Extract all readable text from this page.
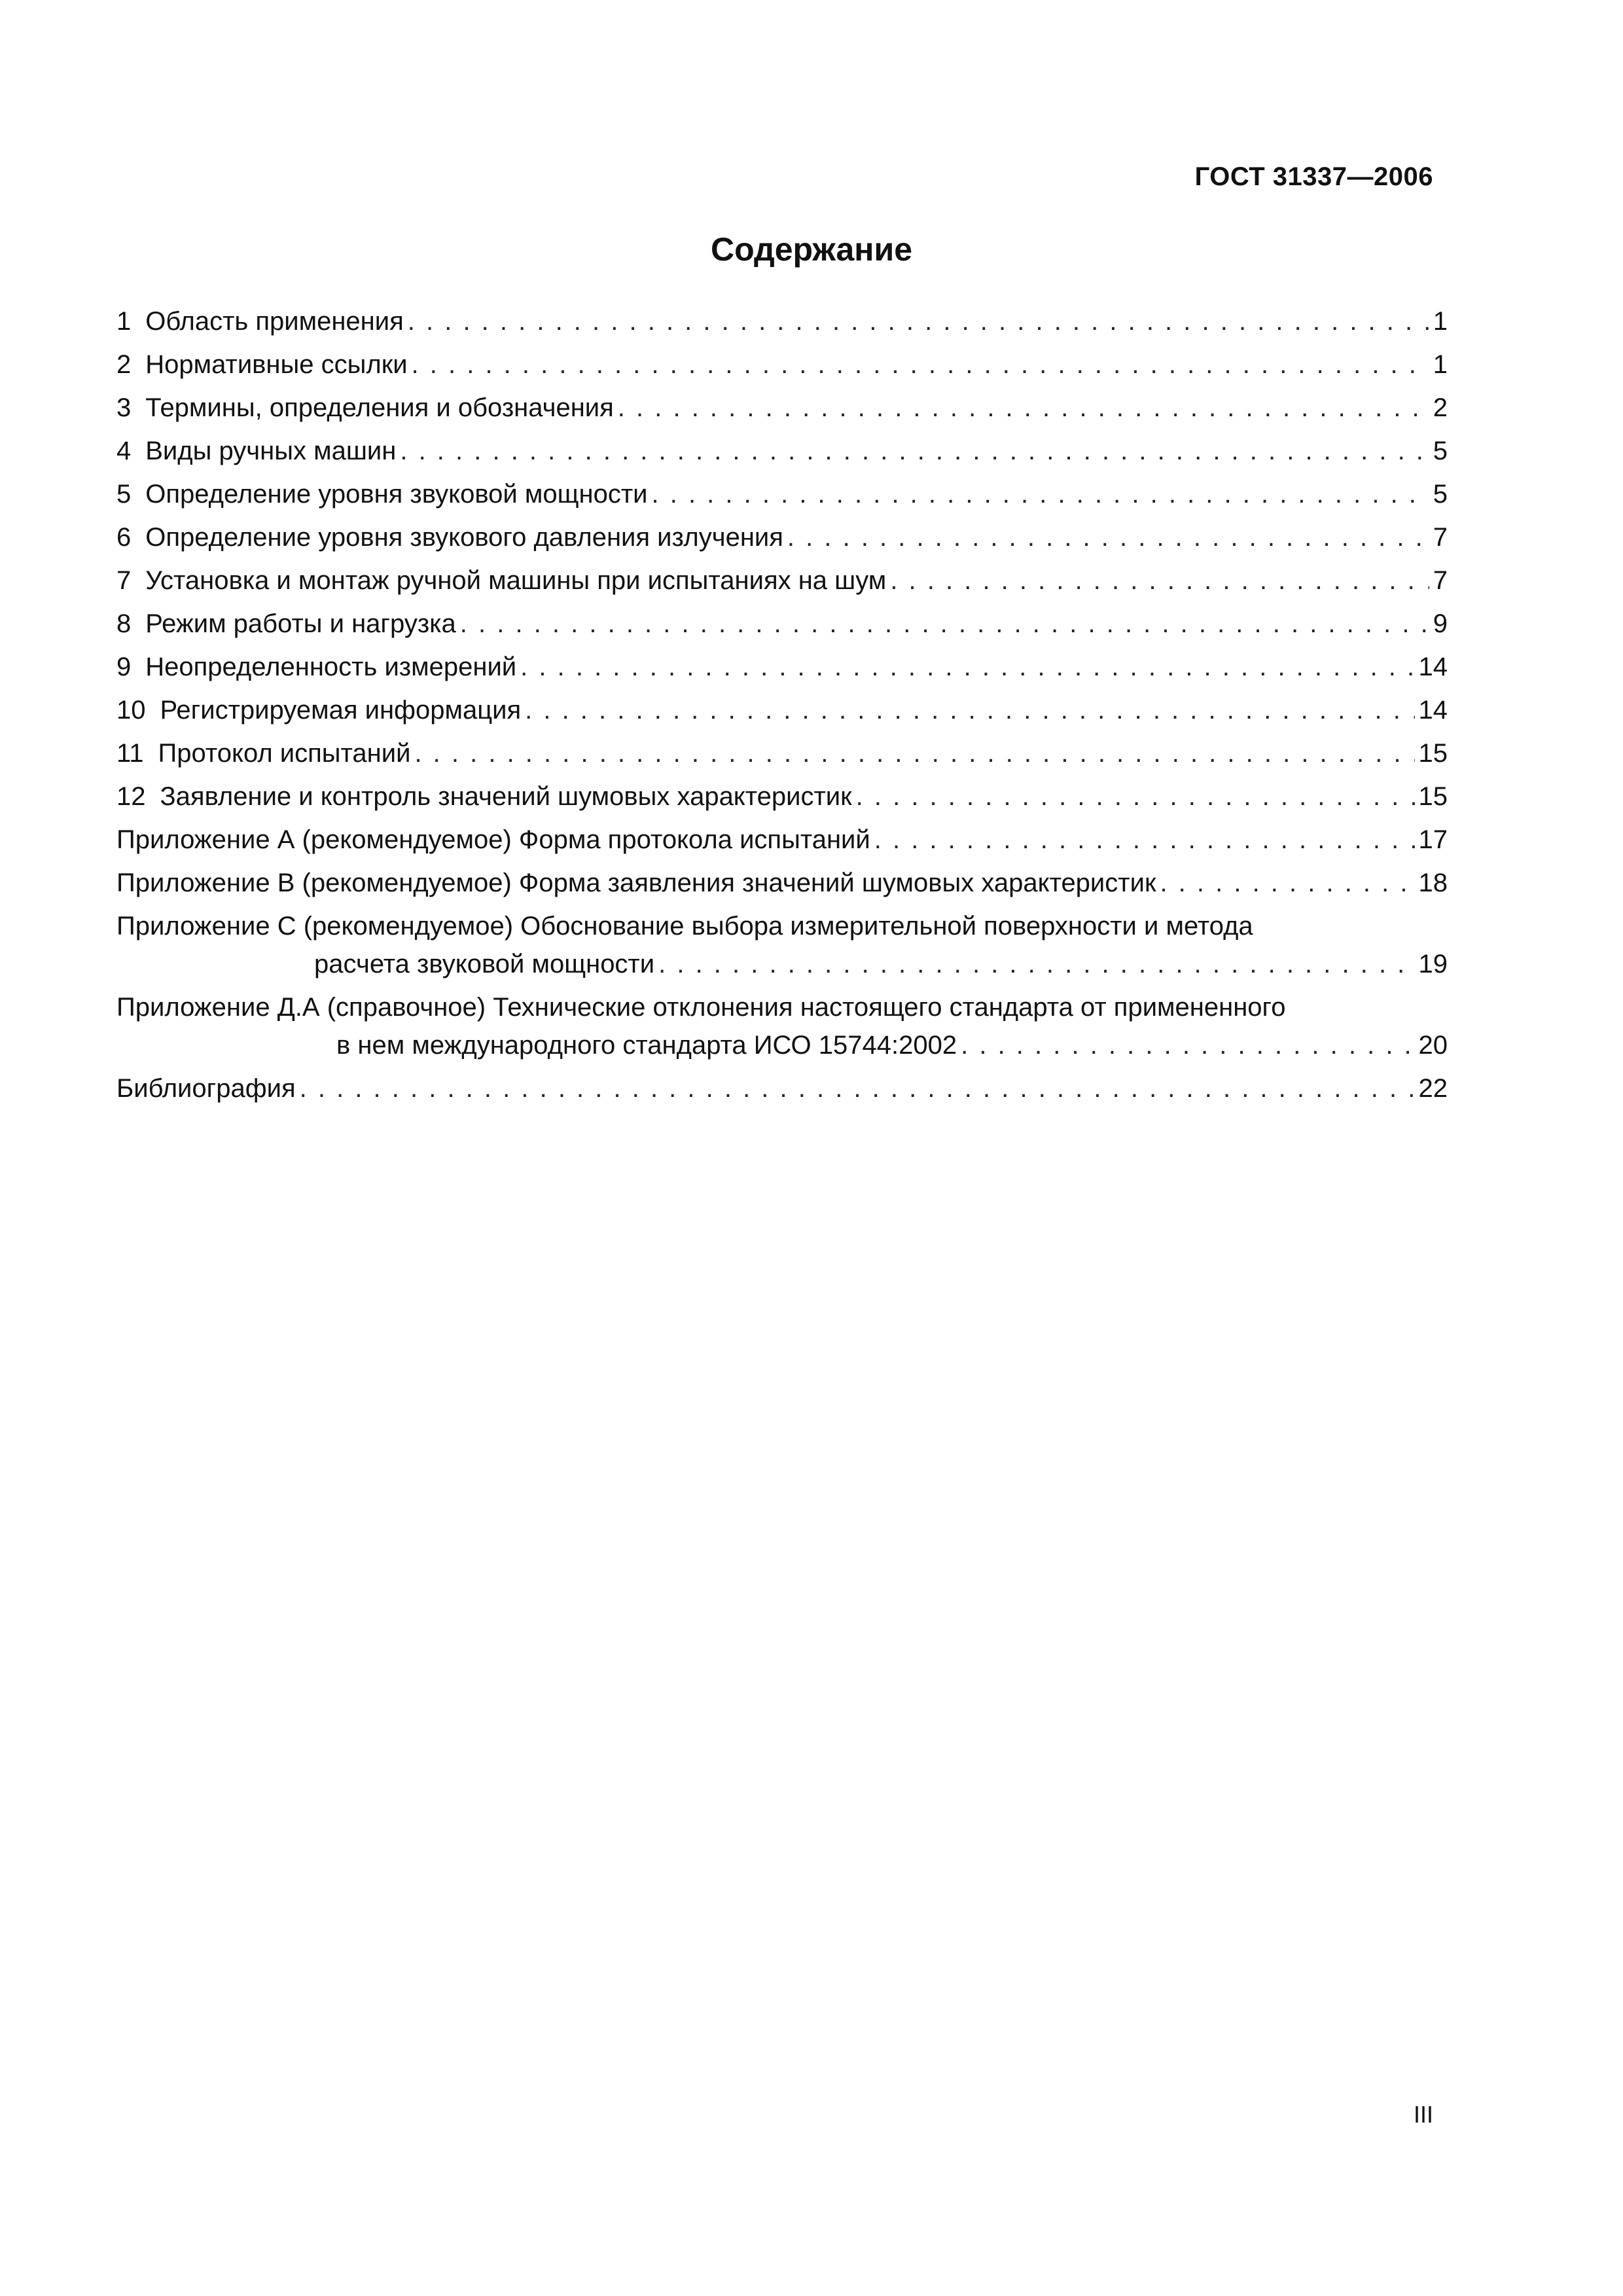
ГОСТ 31337—2006
Содержание
1 Область применения . . .	1
2 Нормативные ссылки . . .	1
3 Термины, определения и обозначения . . .	2
4 Виды ручных машин . . .	5
5 Определение уровня звуковой мощности . . .	5
6 Определение уровня звукового давления излучения . . .	7
7 Установка и монтаж ручной машины при испытаниях на шум . . .	7
8 Режим работы и нагрузка . . .	9
9 Неопределенность измерений . . .	14
10 Регистрируемая информация . . .	14
11 Протокол испытаний . . .	15
12 Заявление и контроль значений шумовых характеристик . . .	15
Приложение А (рекомендуемое) Форма протокола испытаний . . .	17
Приложение В (рекомендуемое) Форма заявления значений шумовых характеристик . . .	18
Приложение С (рекомендуемое) Обоснование выбора измерительной поверхности и метода
расчета звуковой мощности . . .	19
Приложение Д.А (справочное) Технические отклонения настоящего стандарта от примененного
в нем международного стандарта ИСО 15744:2002 . . .	20
Библиография . . .	22
III
